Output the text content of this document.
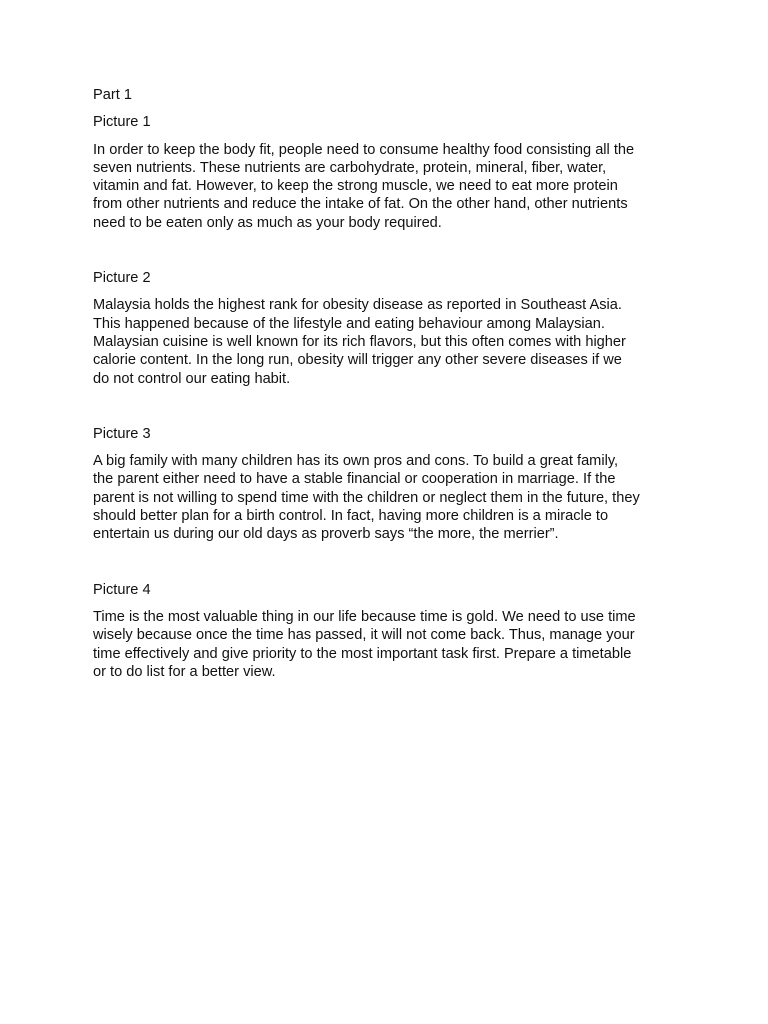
Part 1
Picture 1

In order to keep the body fit, people need to consume healthy food consisting all the
seven nutrients. These nutrients are carbohydrate, protein, mineral, fiber, water,
vitamin and fat. However, to keep the strong muscle, we need to eat more protein
from other nutrients and reduce the intake of fat. On the other hand, other nutrients
need to be eaten only as much as your body required.

Picture 2

Malaysia holds the highest rank for obesity disease as reported in Southeast Asia.
This happened because of the lifestyle and eating behaviour among Malaysian.
Malaysian cuisine is well known for its rich flavors, but this often comes with higher
calorie content. In the long run, obesity will trigger any other severe diseases if we
do not control our eating habit.

Picture 3

A big family with many children has its own pros and cons. To build a great family,
the parent either need to have a stable financial or cooperation in marriage. If the
parent is not willing to spend time with the children or neglect them in the future, they
should better plan for a birth control. In fact, having more children is a miracle to
entertain us during our old days as proverb says “the more, the merrier”.

Picture 4

Time is the most valuable thing in our life because time is gold. We need to use time
wisely because once the time has passed, it will not come back. Thus, manage your
time effectively and give priority to the most important task first. Prepare a timetable
or to do list for a better view.
